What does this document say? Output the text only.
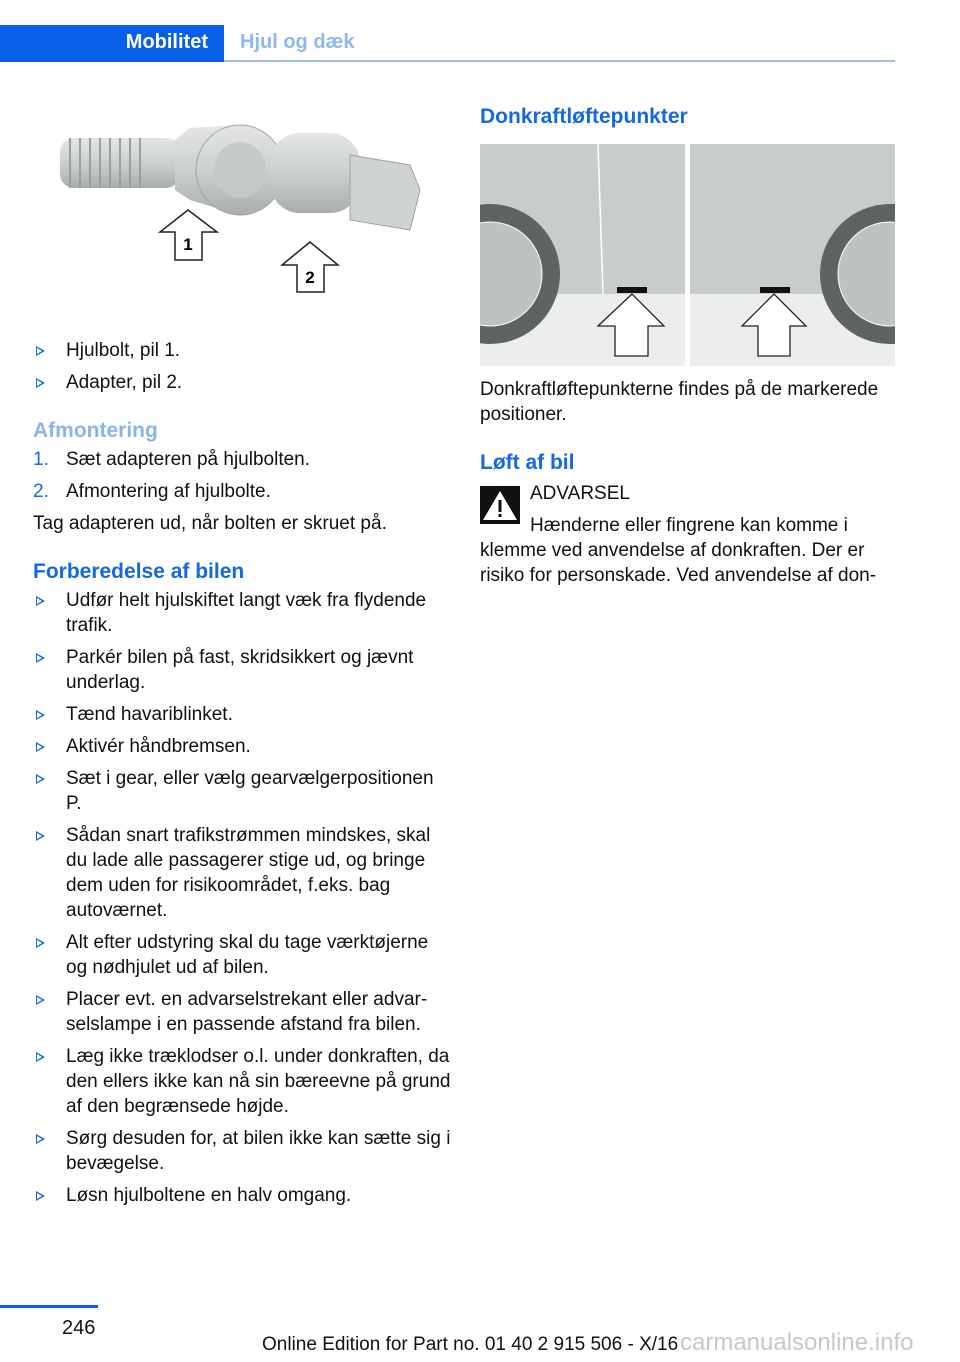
Mobilitet Hjul og dæk
1
2
Hjulbolt, pil 1.
Adapter, pil 2.
Afmontering
1. Sæt adapteren på hjulbolten.
2. Afmontering af hjulbolte.

Tag adapteren ud, når bolten er skruet på.

Forberedelse af bilen
Udfør helt hjulskiftet langt væk fra flydende trafik.
Parkér bilen på fast, skridsikkert og jævnt underlag.
Tænd havariblinket.
Aktivér håndbremsen.
Sæt i gear, eller vælg gearvælgerpositionen P.
Sådan snart trafikstrømmen mindskes, skal du lade alle passagerer stige ud, og bringe dem uden for risikoområdet, f.eks. bag autoværnet.
Alt efter udstyring skal du tage værktøjerne og nødhjulet ud af bilen.
Placer evt. en advarselstrekant eller advarselslampe i en passende afstand fra bilen.
Læg ikke træklodser o.l. under donkraften, da den ellers ikke kan nå sin bæreevne på grund af den begrænsede højde.
Sørg desuden for, at bilen ikke kan sætte sig i bevægelse.
Løsn hjulboltene en halv omgang.
Donkraftløftepunkter

Donkraftløftepunkterne findes på de markerede positioner.

Løft af bil
ADVARSEL
Hænderne eller fingrene kan komme i klemme ved anvendelse af donkraften. Der er risiko for personskade. Ved anvendelse af don-
246
Online Edition for Part no. 01 40 2 915 506 - X/16 carmanualsonline.info
